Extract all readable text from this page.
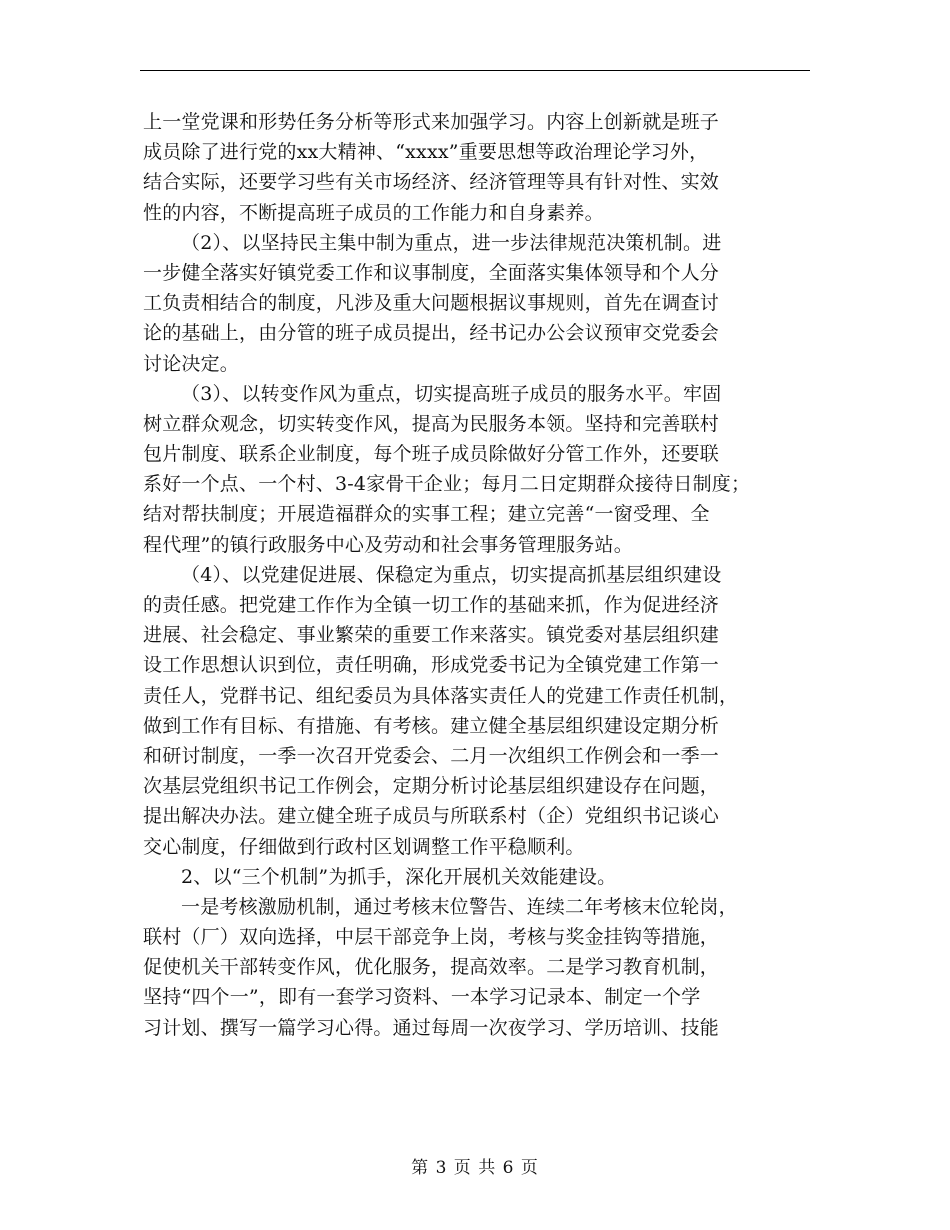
上一堂党课和形势任务分析等形式来加强学习。内容上创新就是班子
成员除了进行党的xx大精神、“xxxx”重要思想等政治理论学习外，
结合实际，还要学习些有关市场经济、经济管理等具有针对性、实效
性的内容，不断提高班子成员的工作能力和自身素养。
（2）、以坚持民主集中制为重点，进一步法律规范决策机制。进
一步健全落实好镇党委工作和议事制度，全面落实集体领导和个人分
工负责相结合的制度，凡涉及重大问题根据议事规则，首先在调查讨
论的基础上，由分管的班子成员提出，经书记办公会议预审交党委会
讨论决定。
（3）、以转变作风为重点，切实提高班子成员的服务水平。牢固
树立群众观念，切实转变作风，提高为民服务本领。坚持和完善联村
包片制度、联系企业制度，每个班子成员除做好分管工作外，还要联
系好一个点、一个村、3-4家骨干企业；每月二日定期群众接待日制度；
结对帮扶制度；开展造福群众的实事工程；建立完善“一窗受理、全
程代理”的镇行政服务中心及劳动和社会事务管理服务站。
（4）、以党建促进展、保稳定为重点，切实提高抓基层组织建设
的责任感。把党建工作作为全镇一切工作的基础来抓，作为促进经济
进展、社会稳定、事业繁荣的重要工作来落实。镇党委对基层组织建
设工作思想认识到位，责任明确，形成党委书记为全镇党建工作第一
责任人，党群书记、组纪委员为具体落实责任人的党建工作责任机制，
做到工作有目标、有措施、有考核。建立健全基层组织建设定期分析
和研讨制度，一季一次召开党委会、二月一次组织工作例会和一季一
次基层党组织书记工作例会，定期分析讨论基层组织建设存在问题，
提出解决办法。建立健全班子成员与所联系村（企）党组织书记谈心
交心制度，仔细做到行政村区划调整工作平稳顺利。
2、以“三个机制”为抓手，深化开展机关效能建设。
一是考核激励机制，通过考核末位警告、连续二年考核末位轮岗，
联村（厂）双向选择，中层干部竞争上岗，考核与奖金挂钩等措施，
促使机关干部转变作风，优化服务，提高效率。二是学习教育机制，
坚持“四个一”，即有一套学习资料、一本学习记录本、制定一个学
习计划、撰写一篇学习心得。通过每周一次夜学习、学历培训、技能
第 3 页 共 6 页
